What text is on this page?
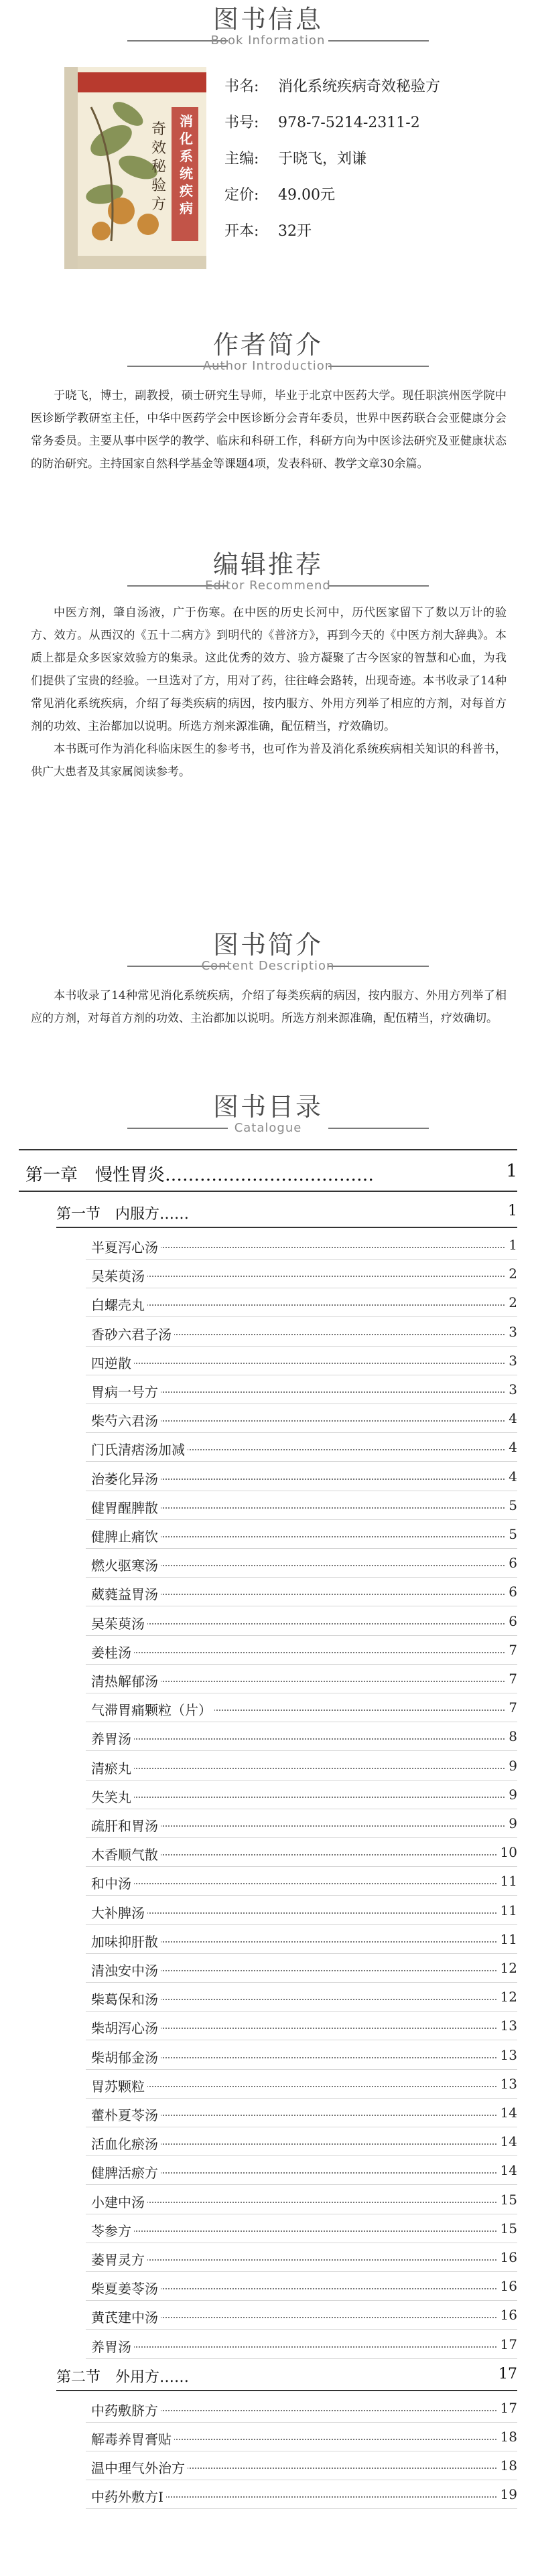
图书信息
Book Information
消
化
系
统
疾
病
奇
效
秘
验
方
书名: 消化系统疾病奇效秘验方
书号: 978-7-5214-2311-2
主编: 于晓飞，刘谦
定价: 49.00元
开本: 32开
作者简介
Author Introduction

于晓飞，博士，副教授，硕士研究生导师，毕业于北京中医药大学。现任职滨州医学院中医诊断学教研室主任，中华中医药学会中医诊断分会青年委员，世界中医药联合会亚健康分会常务委员。主要从事中医学的教学、临床和科研工作，科研方向为中医诊法研究及亚健康状态的防治研究。主持国家自然科学基金等课题4项，发表科研、教学文章30余篇。

编辑推荐
Editor Recommend

中医方剂，肇自汤液，广于伤寒。在中医的历史长河中，历代医家留下了数以万计的验方、效方。从西汉的《五十二病方》到明代的《普济方》，再到今天的《中医方剂大辞典》。本质上都是众多医家效验方的集录。这此优秀的效方、验方凝聚了古今医家的智慧和心血，为我们提供了宝贵的经验。一旦选对了方，用对了药，往往峰会路转，出现奇迹。本书收录了14种常见消化系统疾病，介绍了每类疾病的病因，按内服方、外用方列举了相应的方剂，对每首方剂的功效、主治都加以说明。所选方剂来源准确，配伍精当，疗效确切。

本书既可作为消化科临床医生的参考书，也可作为普及消化系统疾病相关知识的科普书，供广大患者及其家属阅读参考。

图书简介
Content Description

本书收录了14种常见消化系统疾病，介绍了每类疾病的病因，按内服方、外用方列举了相应的方剂，对每首方剂的功效、主治都加以说明。所选方剂来源准确，配伍精当，疗效确切。

图书目录
Catalogue
第一章　慢性胃炎………………………………	1
第一节　内服方……	1
半夏泻心汤	1
吴茱萸汤	2
白螺壳丸	2
香砂六君子汤	3
四逆散	3
胃病一号方	3
柴芍六君汤	4
门氏清痞汤加减	4
治萎化异汤	4
健胃醒脾散	5
健脾止痛饮	5
燃火驱寒汤	6
葳蕤益胃汤	6
吴茱萸汤	6
姜桂汤	7
清热解郁汤	7
气滞胃痛颗粒（片）	7
养胃汤	8
清瘀丸	9
失笑丸	9
疏肝和胃汤	9
木香顺气散	10
和中汤	11
大补脾汤	11
加味抑肝散	11
清浊安中汤	12
柴葛保和汤	12
柴胡泻心汤	13
柴胡郁金汤	13
胃苏颗粒	13
藿朴夏苓汤	14
活血化瘀汤	14
健脾活瘀方	14
小建中汤	15
苓参方	15
萎胃灵方	16
柴夏姜苓汤	16
黄芪建中汤	16
养胃汤	17
第二节　外用方……	17
中药敷脐方	17
解毒养胃膏贴	18
温中理气外治方	18
中药外敷方Ⅰ	19
